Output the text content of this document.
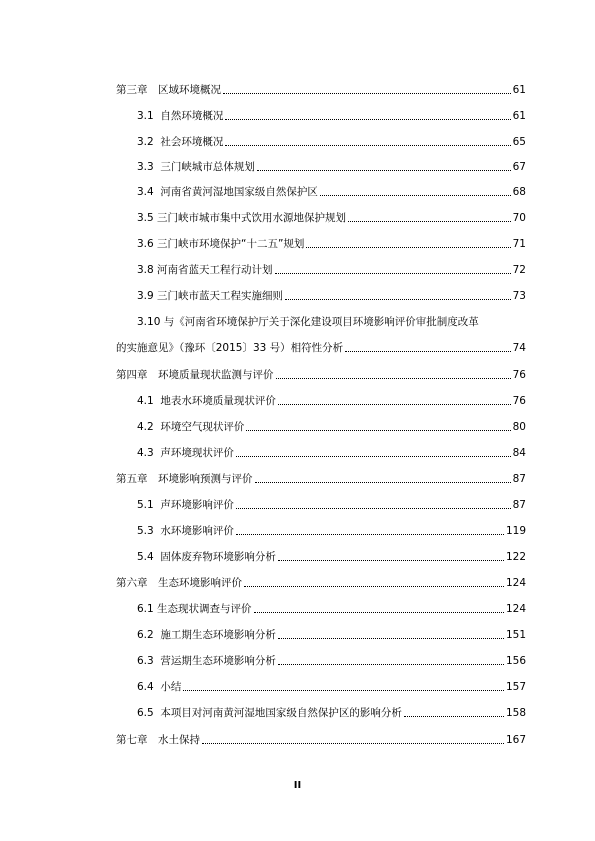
第三章　区域环境概况	61
3.1  自然环境概况	61
3.2  社会环境概况	65
3.3  三门峡城市总体规划	67
3.4  河南省黄河湿地国家级自然保护区	68
3.5 三门峡市城市集中式饮用水源地保护规划	70
3.6 三门峡市环境保护“十二五”规划	71
3.8 河南省蓝天工程行动计划	72
3.9 三门峡市蓝天工程实施细则	73
3.10 与《河南省环境保护厅关于深化建设项目环境影响评价审批制度改革
的实施意见》（豫环〔2015〕33 号）相符性分析	74
第四章　环境质量现状监测与评价	76
4.1  地表水环境质量现状评价	76
4.2  环境空气现状评价	80
4.3  声环境现状评价	84
第五章　环境影响预测与评价	87
5.1  声环境影响评价	87
5.3  水环境影响评价	119
5.4  固体废弃物环境影响分析	122
第六章　生态环境影响评价	124
6.1 生态现状调查与评价	124
6.2  施工期生态环境影响分析	151
6.3  营运期生态环境影响分析	156
6.4  小结	157
6.5  本项目对河南黄河湿地国家级自然保护区的影响分析	158
第七章　水土保持	167
II
